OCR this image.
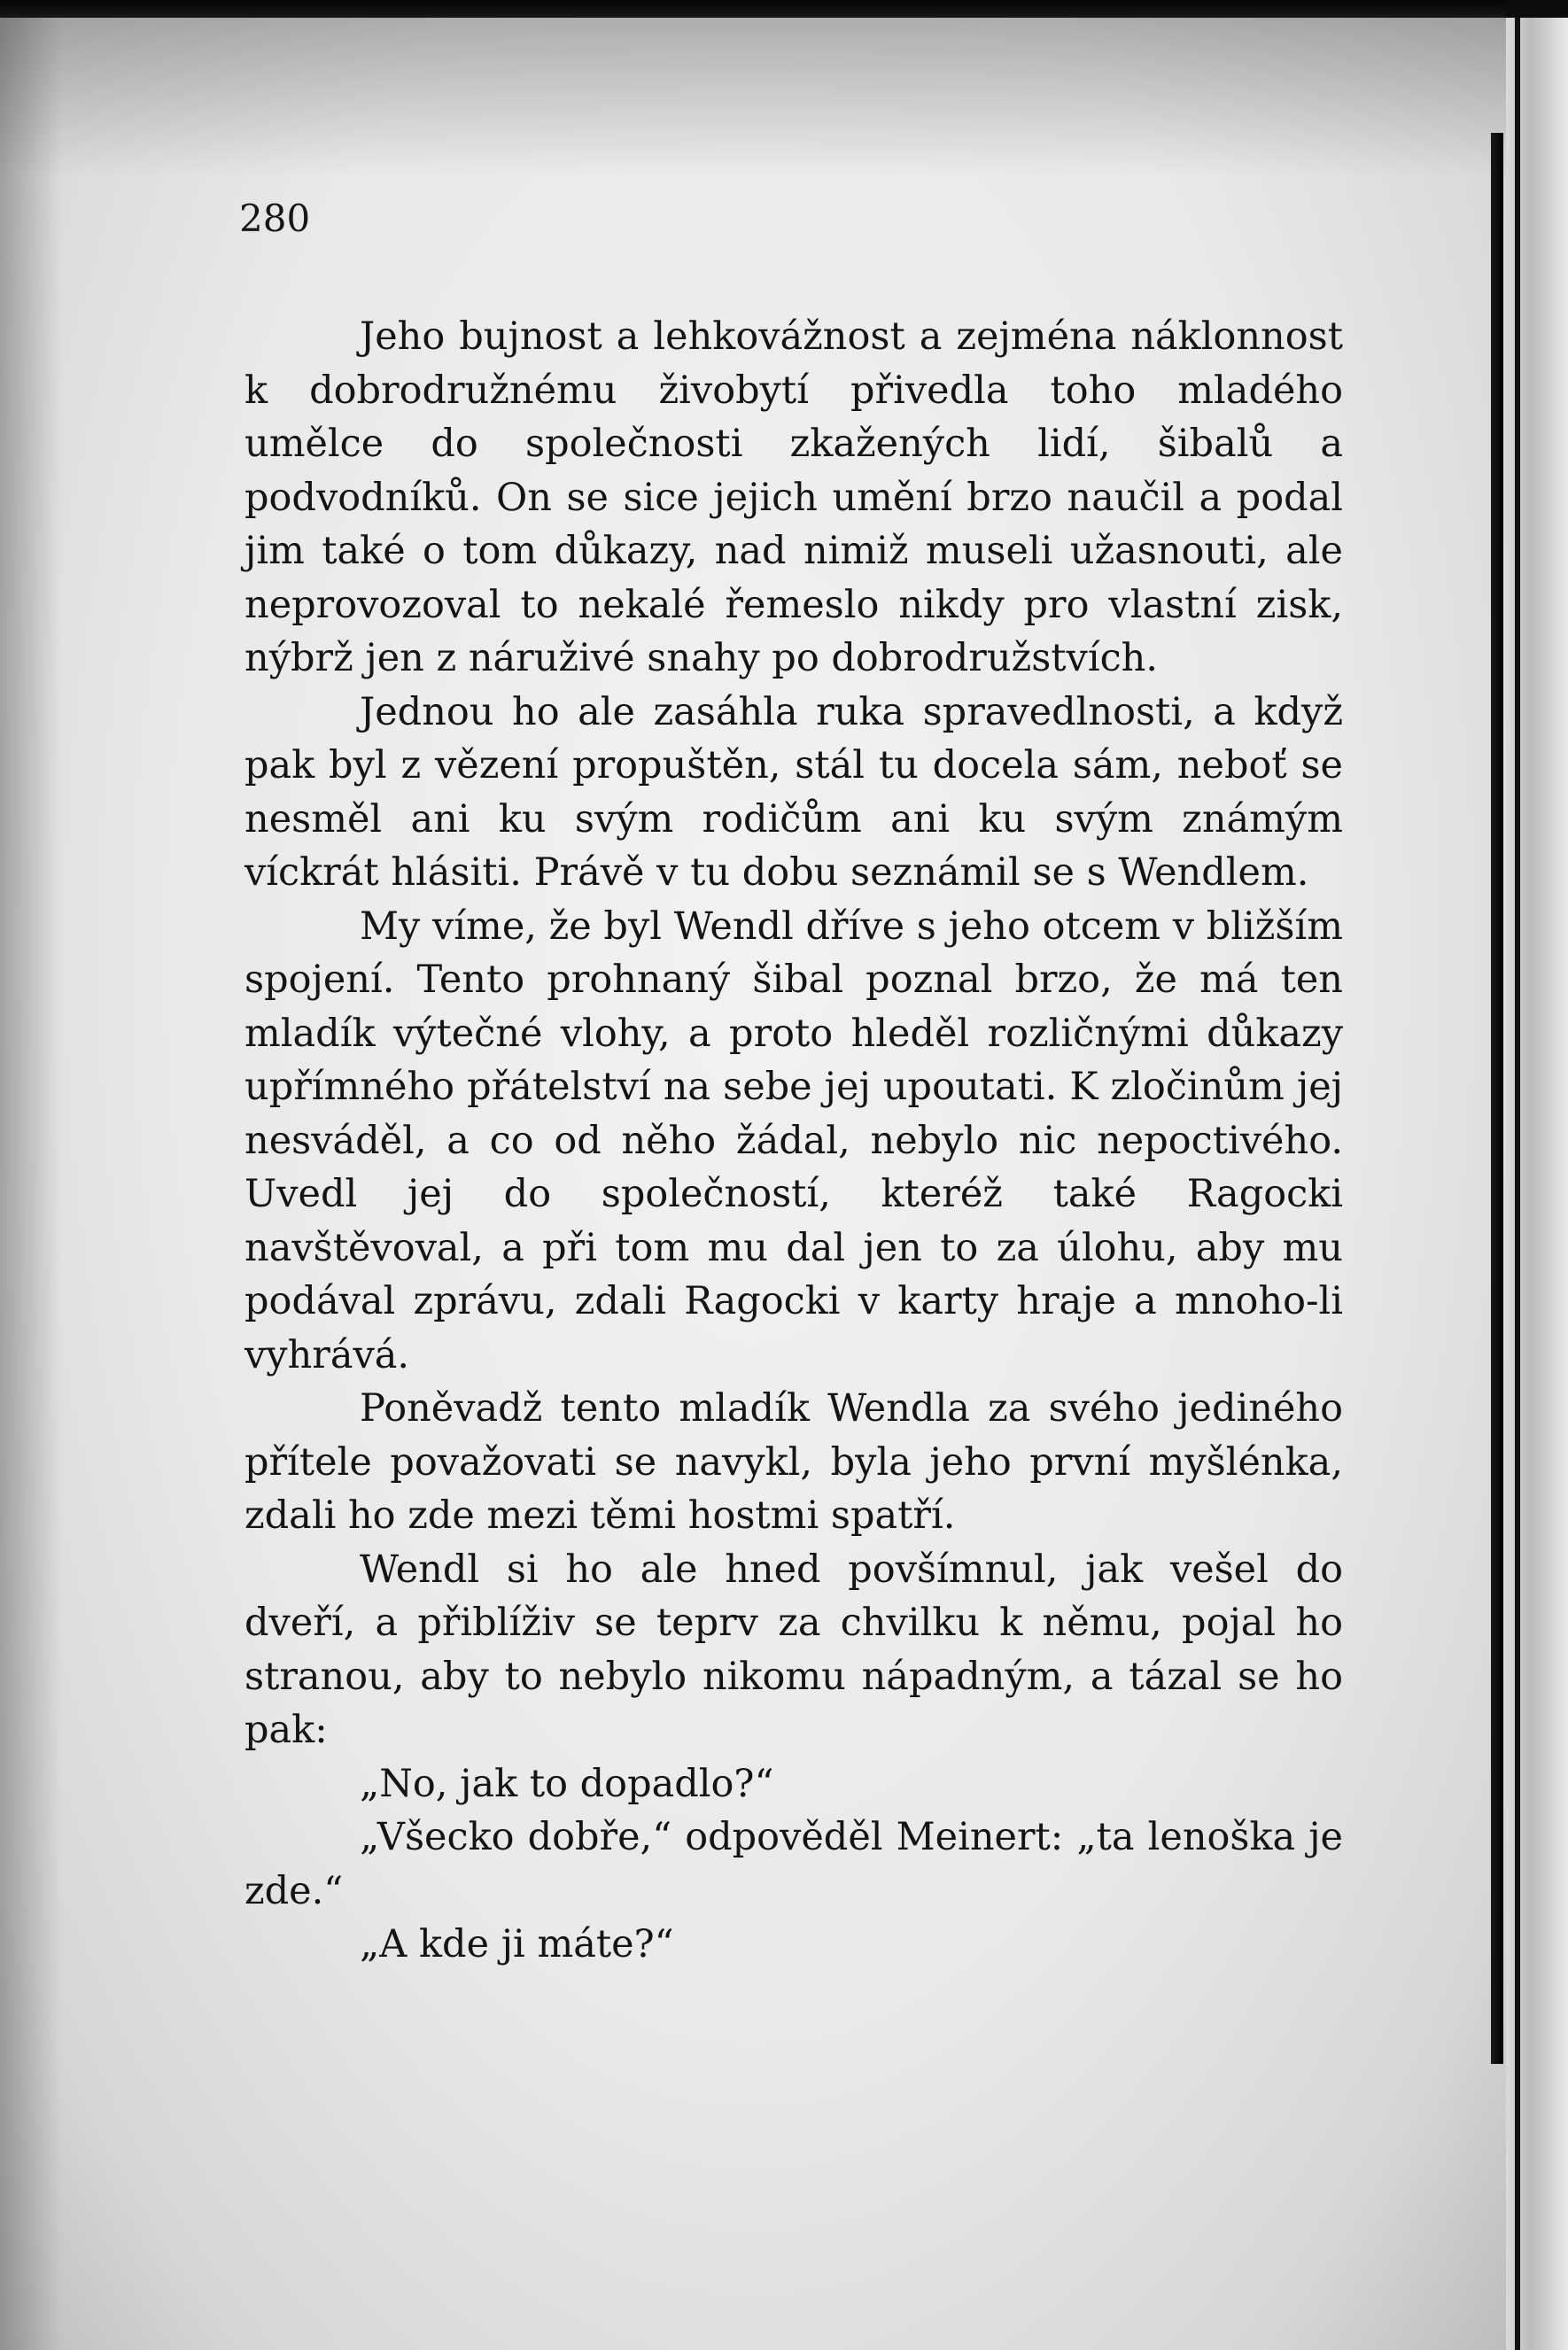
280

Jeho bujnost a lehkovážnost a zejména náklonnost k dobrodružnému živobytí přivedla toho mladého umělce do společnosti zkažených lidí, šibalů a podvodníků. On se sice jejich umění brzo naučil a podal jim také o tom důkazy, nad nimiž museli užasnouti, ale neprovozoval to nekalé řemeslo nikdy pro vlastní zisk, nýbrž jen z náruživé snahy po dobrodružstvích.

Jednou ho ale zasáhla ruka spravedlnosti, a když pak byl z vězení propuštěn, stál tu docela sám, neboť se nesměl ani ku svým rodičům ani ku svým známým víckrát hlásiti. Právě v tu dobu seznámil se s Wendlem.

My víme, že byl Wendl dříve s jeho otcem v bližším spojení. Tento prohnaný šibal poznal brzo, že má ten mladík výtečné vlohy, a proto hleděl rozličnými důkazy upřímného přátelství na sebe jej upoutati. K zločinům jej nesváděl, a co od něho žádal, nebylo nic nepoctivého. Uvedl jej do společností, kteréž také Ragocki navštěvoval, a při tom mu dal jen to za úlohu, aby mu podával zprávu, zdali Ragocki v karty hraje a mnoho-li vyhrává.

Poněvadž tento mladík Wendla za svého jediného přítele považovati se navykl, byla jeho první myšlénka, zdali ho zde mezi těmi hostmi spatří.

Wendl si ho ale hned povšímnul, jak vešel do dveří, a přiblíživ se teprv za chvilku k němu, pojal ho stranou, aby to nebylo nikomu nápadným, a tázal se ho pak:

„No, jak to dopadlo?“

„Všecko dobře,“ odpověděl Meinert: „ta lenoška je zde.“

„A kde ji máte?“
